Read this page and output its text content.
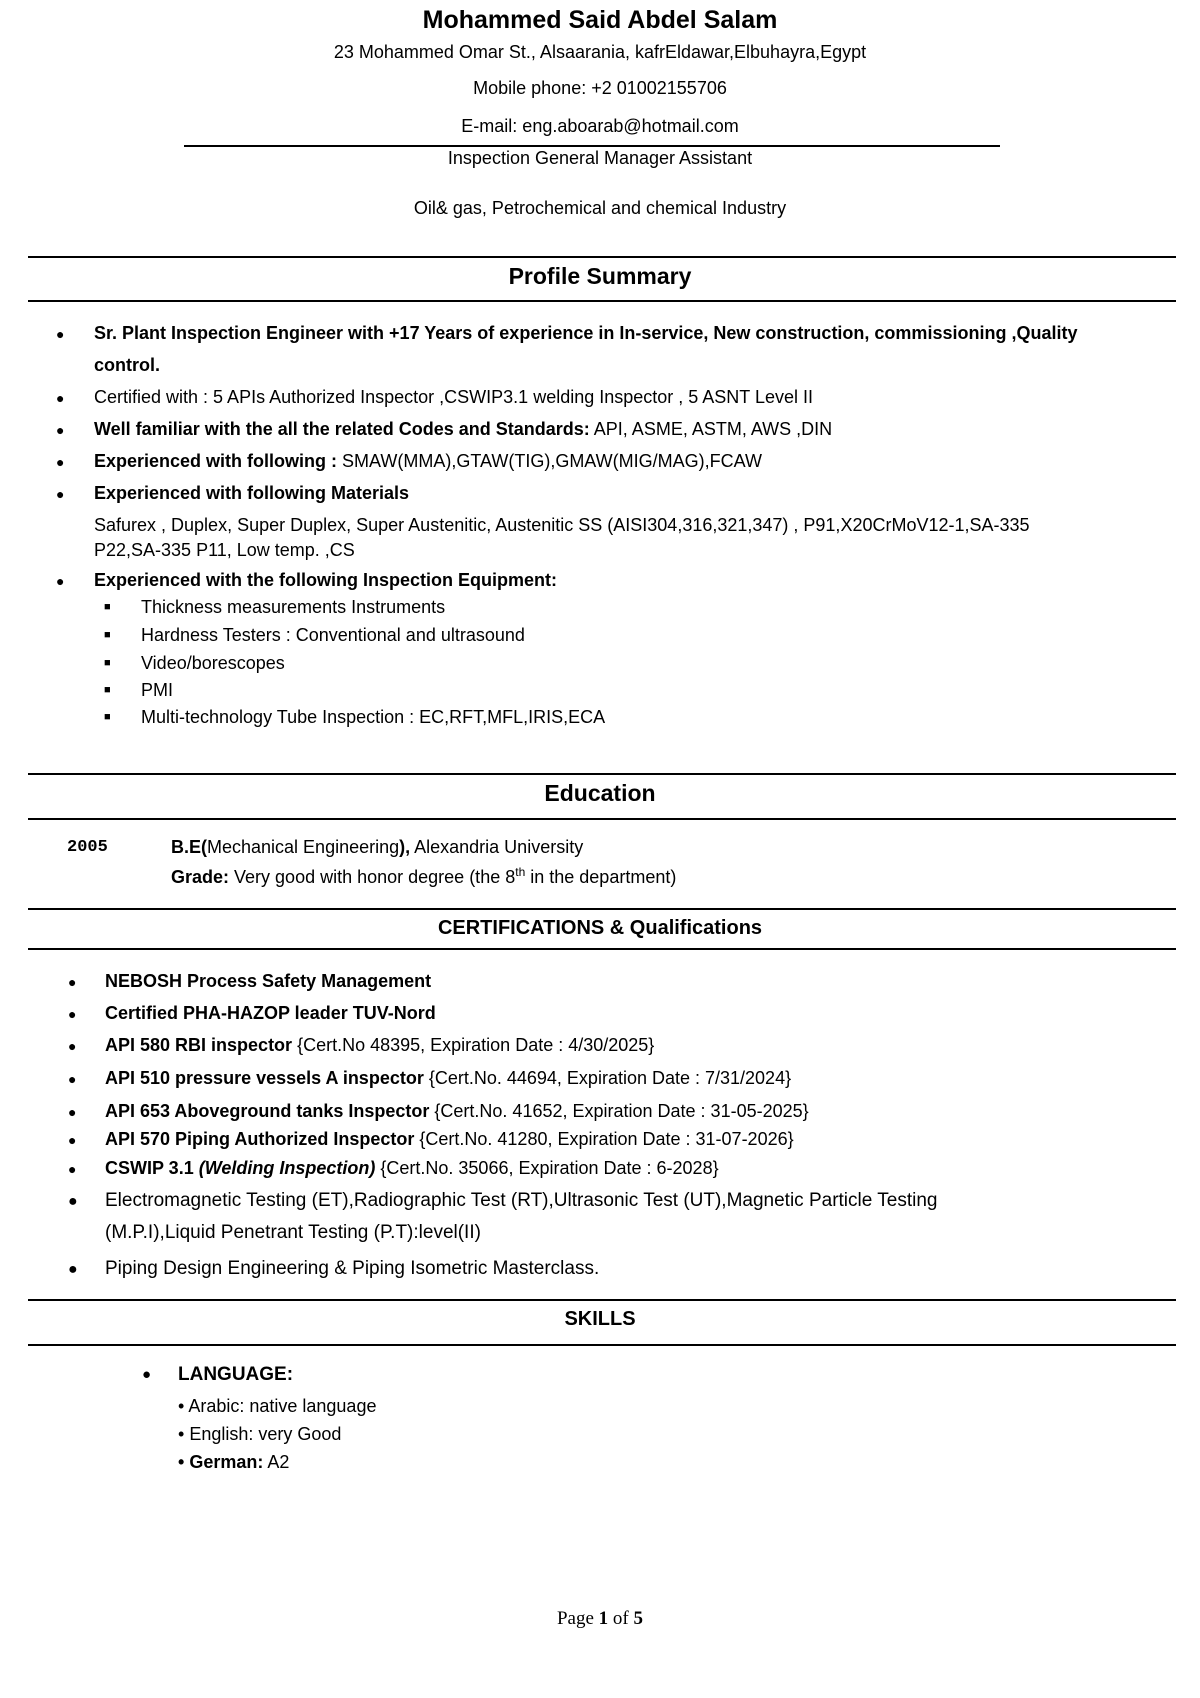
Mohammed Said Abdel Salam
23 Mohammed Omar St., Alsaarania, kafrEldawar,Elbuhayra,Egypt
Mobile phone: +2 01002155706
E-mail: eng.aboarab@hotmail.com
Inspection General Manager Assistant
Oil& gas, Petrochemical and chemical Industry
Profile Summary
● Sr. Plant Inspection Engineer with +17 Years of experience in In-service, New construction, commissioning ,Quality
control.
● Certified with : 5 APIs Authorized Inspector ,CSWIP3.1 welding Inspector , 5 ASNT Level II
● Well familiar with the all the related Codes and Standards: API, ASME, ASTM, AWS ,DIN
● Experienced with following : SMAW(MMA),GTAW(TIG),GMAW(MIG/MAG),FCAW
● Experienced with following Materials
Safurex , Duplex, Super Duplex, Super Austenitic, Austenitic SS (AISI304,316,321,347) , P91,X20CrMoV12-1,SA-335
P22,SA-335 P11, Low temp. ,CS
● Experienced with the following Inspection Equipment:
■ Thickness measurements Instruments
■ Hardness Testers : Conventional and ultrasound
■ Video/borescopes
■ PMI
■ Multi-technology Tube Inspection : EC,RFT,MFL,IRIS,ECA
Education
2005	B.E(Mechanical Engineering), Alexandria University
Grade: Very good with honor degree (the 8th in the department)
CERTIFICATIONS & Qualifications
● NEBOSH Process Safety Management
● Certified PHA-HAZOP leader TUV-Nord
● API 580 RBI inspector {Cert.No 48395, Expiration Date : 4/30/2025}
● API 510 pressure vessels A inspector {Cert.No. 44694, Expiration Date : 7/31/2024}
● API 653 Aboveground tanks Inspector {Cert.No. 41652, Expiration Date : 31-05-2025}
● API 570 Piping Authorized Inspector {Cert.No. 41280, Expiration Date : 31-07-2026}
● CSWIP 3.1 (Welding Inspection) {Cert.No. 35066, Expiration Date : 6-2028}
● Electromagnetic Testing (ET),Radiographic Test (RT),Ultrasonic Test (UT),Magnetic Particle Testing
(M.P.I),Liquid Penetrant Testing (P.T):level(II)
● Piping Design Engineering & Piping Isometric Masterclass.
SKILLS
● LANGUAGE:
• Arabic: native language
• English: very Good
• German: A2
Page 1 of 5
